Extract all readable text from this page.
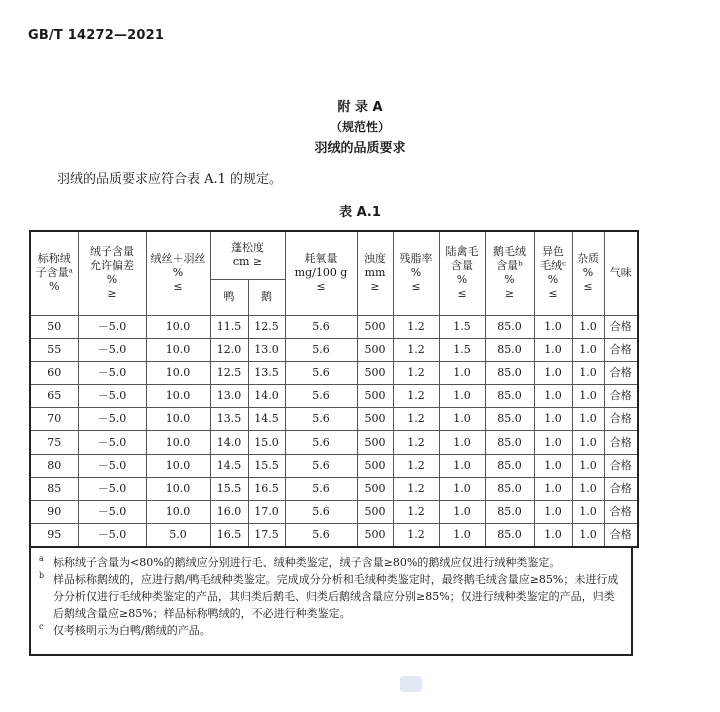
GB/T 14272—2021
附 录 A
（规范性）
羽绒的品质要求
羽绒的品质要求应符合表 A.1 的规定。
表 A.1
标称绒
子含量ᵃ
%	绒子含量
允许偏差
%
≥	绒丝＋羽丝
%
≤	蓬松度
cm ≥		耗氧量
mg/100 g
≤	浊度
mm
≥	残脂率
%
≤	陆禽毛
含量
%
≤	鹅毛绒
含量ᵇ
%
≥	异色
毛绒ᶜ
%
≤	杂质
%
≤	气味

			鸭	鹅								
50	－5.0	10.0	11.5	12.5	5.6	500	1.2	1.5	85.0	1.0	1.0	合格
55	－5.0	10.0	12.0	13.0	5.6	500	1.2	1.5	85.0	1.0	1.0	合格
60	－5.0	10.0	12.5	13.5	5.6	500	1.2	1.0	85.0	1.0	1.0	合格
65	－5.0	10.0	13.0	14.0	5.6	500	1.2	1.0	85.0	1.0	1.0	合格
70	－5.0	10.0	13.5	14.5	5.6	500	1.2	1.0	85.0	1.0	1.0	合格
75	－5.0	10.0	14.0	15.0	5.6	500	1.2	1.0	85.0	1.0	1.0	合格
80	－5.0	10.0	14.5	15.5	5.6	500	1.2	1.0	85.0	1.0	1.0	合格
85	－5.0	10.0	15.5	16.5	5.6	500	1.2	1.0	85.0	1.0	1.0	合格
90	－5.0	10.0	16.0	17.0	5.6	500	1.2	1.0	85.0	1.0	1.0	合格
95	－5.0	5.0	16.5	17.5	5.6	500	1.2	1.0	85.0	1.0	1.0	合格
a 标称绒子含量为<80%的鹅绒应分别进行毛、绒种类鉴定，绒子含量≥80%的鹅绒应仅进行绒种类鉴定。
b 样品标称鹅绒的，应进行鹅/鸭毛绒种类鉴定。完成成分分析和毛绒种类鉴定时，最终鹅毛绒含量应≥85%；未进行成分分析仅进行毛绒种类鉴定的产品，其归类后鹅毛、归类后鹅绒含量应分别≥85%；仅进行绒种类鉴定的产品，归类后鹅绒含量应≥85%；样品标称鸭绒的，不必进行种类鉴定。
c 仅考核明示为白鸭/鹅绒的产品。
